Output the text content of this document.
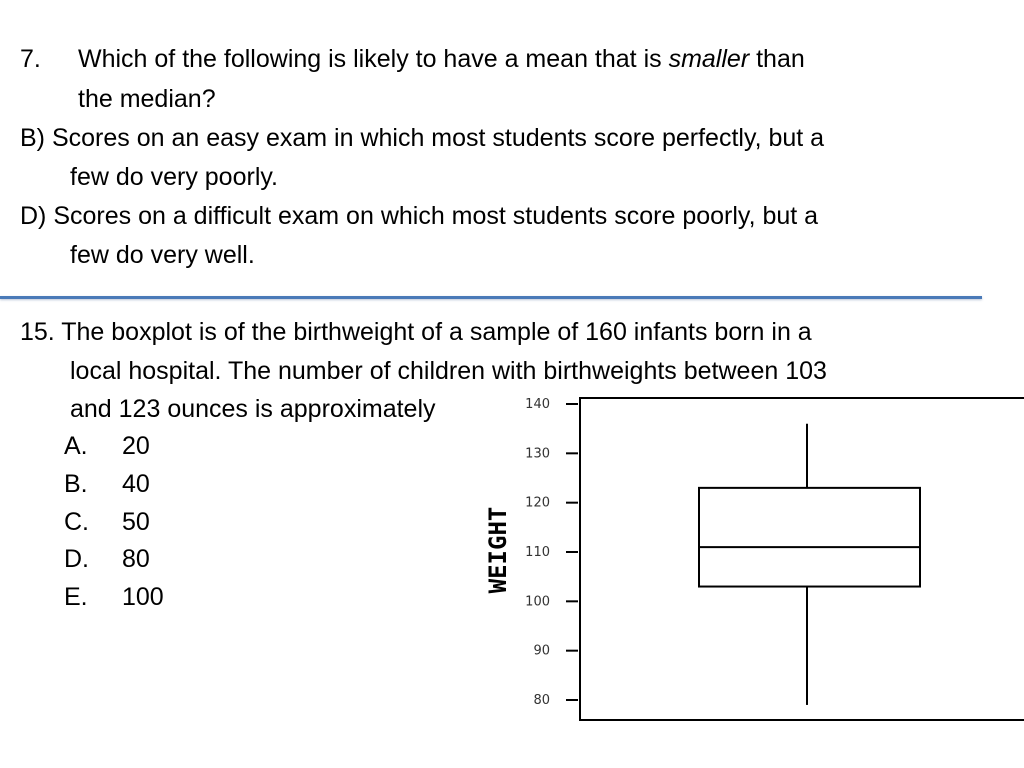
7. Which of the following is likely to have a mean that is smaller than
the median?
B) Scores on an easy exam in which most students score perfectly, but a
few do very poorly.
D) Scores on a difficult exam on which most students score poorly, but a
few do very well.
15. The boxplot is of the birthweight of a sample of 160 infants born in a
local hospital. The number of children with birthweights between 103
and 123 ounces is approximately
A. 20
B. 40
C. 50
D. 80
E. 100
140
130
120
110
100
90
80
WEIGHT
